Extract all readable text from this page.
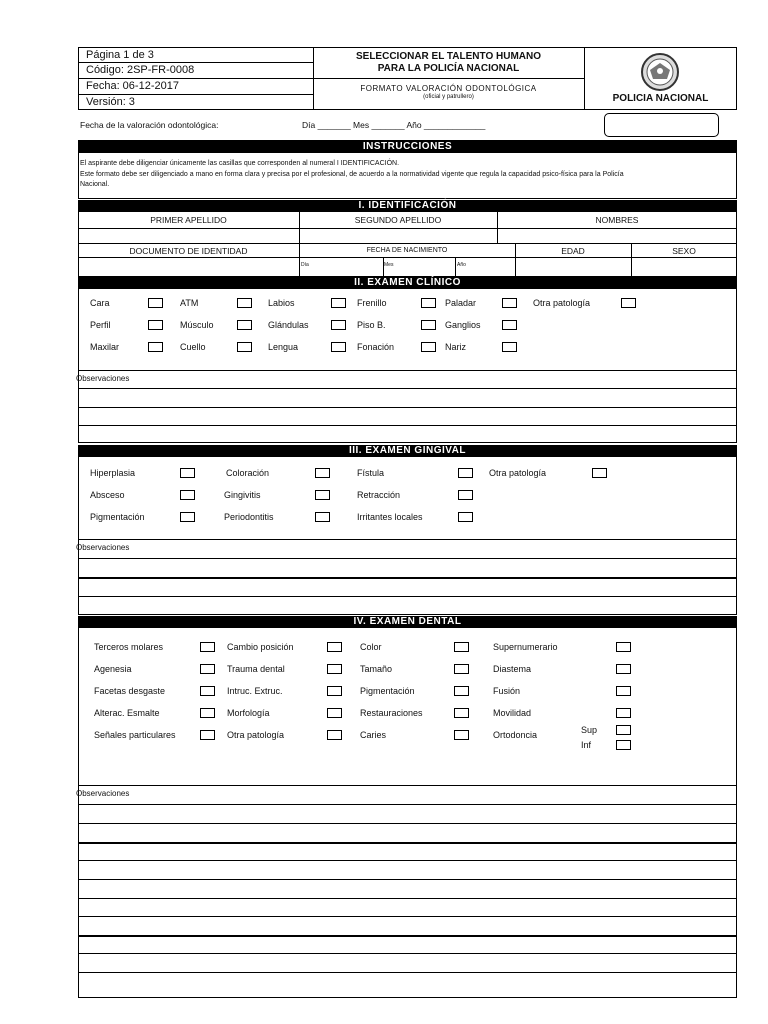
Página 1 de 3
Código: 2SP-FR-0008
Fecha: 06-12-2017
Versión: 3
SELECCIONAR EL TALENTO HUMANO
PARA LA POLICÍA NACIONAL
FORMATO VALORACIÓN ODONTOLÓGICA
(oficial y patrullero)	POLICIA NACIONAL
Fecha de la valoración odontológica:	Día _______ Mes _______ Año _____________
INSTRUCCIONES
El aspirante debe diligenciar únicamente las casillas que corresponden al numeral I IDENTIFICACIÓN.
Este formato debe ser diligenciado a mano en forma clara y precisa por el profesional, de acuerdo a la normatividad vigente que regula la capacidad psico-física para la Policía
Nacional.
I. IDENTIFICACIÓN
PRIMER APELLIDO	SEGUNDO APELLIDO	NOMBRES
DOCUMENTO DE IDENTIDAD	FECHA DE NACIMIENTO	EDAD	SEXO
Día	Mes	Año
II. EXAMEN CLÍNICO
Cara	ATM	Labios	Frenillo	Paladar	Otra patología
Perfil	Músculo	Glándulas	Piso B.	Ganglios
Maxilar	Cuello	Lengua	Fonación	Nariz
Observaciones
III. EXAMEN GINGIVAL
Hiperplasia	Coloración	Fístula	Otra patología
Absceso	Gingivitis	Retracción
Pigmentación	Periodontitis	Irritantes locales
Observaciones
IV. EXAMEN DENTAL
Terceros molares	Cambio posición	Color	Supernumerario
Agenesia	Trauma dental	Tamaño	Diastema
Facetas desgaste	Intruc. Extruc.	Pigmentación	Fusión
Alterac. Esmalte	Morfología	Restauraciones	Movilidad
Señales particulares	Otra patología	Caries	Ortodoncia	Sup
Inf
Observaciones
